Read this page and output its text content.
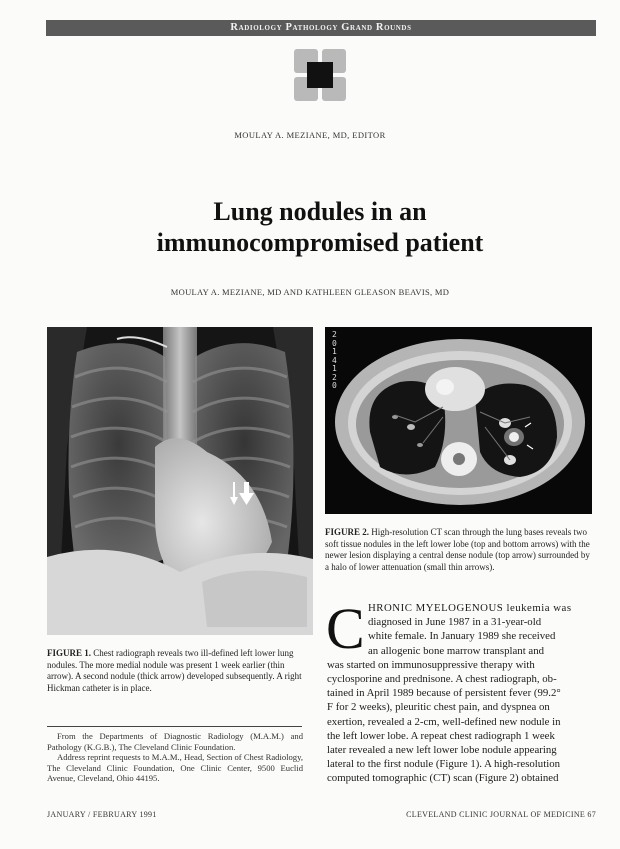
Radiology Pathology Grand Rounds
MOULAY A. MEZIANE, MD, EDITOR
Lung nodules in an
immunocompromised patient
MOULAY A. MEZIANE, MD AND KATHLEEN GLEASON BEAVIS, MD
2
0
1
4
1
2
0
FIGURE 2. High-resolution CT scan through the lung bases reveals two soft tissue nodules in the left lower lobe (top and bottom arrows) with the newer lesion displaying a central dense nodule (top arrow) surrounded by a halo of lower attenuation (small thin arrows).
FIGURE 1. Chest radiograph reveals two ill-defined left lower lung nodules. The more medial nodule was present 1 week earlier (thin arrow). A second nodule (thick arrow) developed subsequently. A right Hickman catheter is in place.

From the Departments of Diagnostic Radiology (M.A.M.) and Pathology (K.G.B.), The Cleveland Clinic Foundation.

Address reprint requests to M.A.M., Head, Section of Chest Radiology, The Cleveland Clinic Foundation, One Clinic Center, 9500 Euclid Avenue, Cleveland, Ohio 44195.

C HRONIC MYELOGENOUS leukemia was
diagnosed in June 1987 in a 31-year-old
white female. In January 1989 she received
an allogenic bone marrow transplant and
was started on immunosuppressive therapy with
cyclosporine and prednisone. A chest radiograph, ob-
tained in April 1989 because of persistent fever (99.2°
F for 2 weeks), pleuritic chest pain, and dyspnea on
exertion, revealed a 2-cm, well-defined new nodule in
the left lower lobe. A repeat chest radiograph 1 week
later revealed a new left lower lobe nodule appearing
lateral to the first nodule (Figure 1). A high-resolution
computed tomographic (CT) scan (Figure 2) obtained
JANUARY / FEBRUARY 1991	CLEVELAND CLINIC JOURNAL OF MEDICINE 67
